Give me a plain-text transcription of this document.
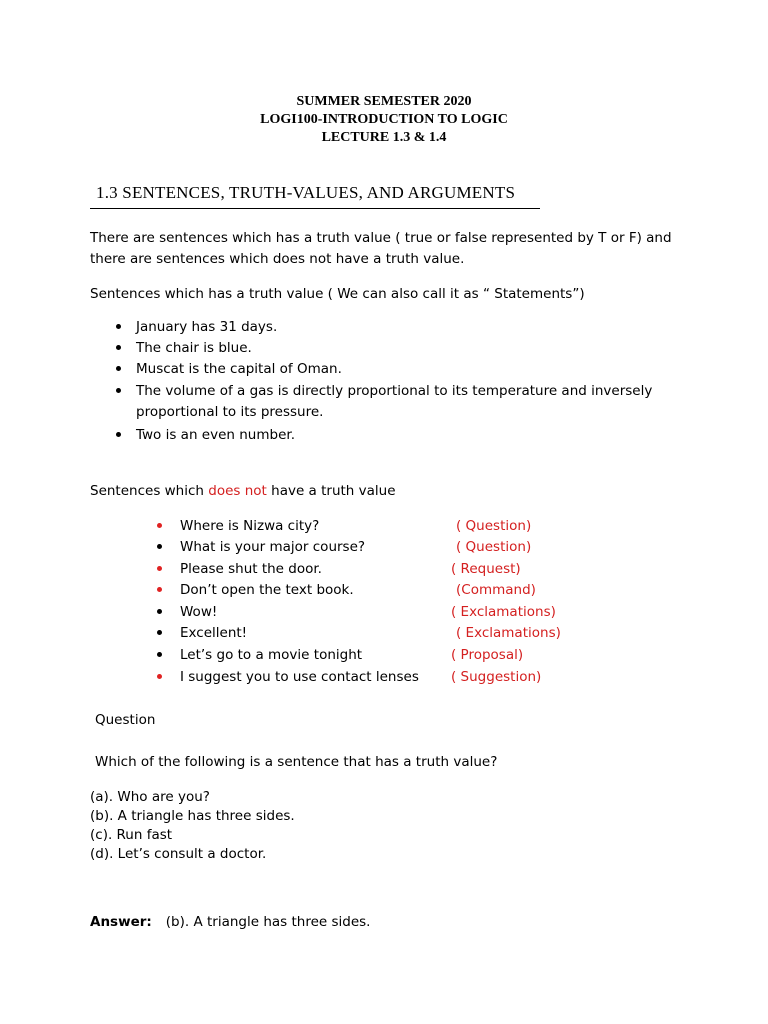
SUMMER SEMESTER 2020
LOGI100-INTRODUCTION TO LOGIC
LECTURE 1.3 & 1.4
1.3 SENTENCES, TRUTH-VALUES, AND ARGUMENTS
There are sentences which has a truth value ( true or false represented by T or F) and
there are sentences which does not have a truth value.
Sentences which has a truth value ( We can also call it as “ Statements”)
January has 31 days.
The chair is blue.
Muscat is the capital of Oman.
The volume of a gas is directly proportional to its temperature and inversely
proportional to its pressure.
Two is an even number.
Sentences which does not have a truth value
Where is Nizwa city?	( Question)
What is your major course?	( Question)
Please shut the door.	( Request)
Don’t open the text book.	(Command)
Wow!	( Exclamations)
Excellent!	( Exclamations)
Let’s go to a movie tonight	( Proposal)
I suggest you to use contact lenses ( Suggestion)
Question
Which of the following is a sentence that has a truth value?
(a). Who are you?
(b). A triangle has three sides.
(c). Run fast
(d). Let’s consult a doctor.
Answer: (b). A triangle has three sides.
